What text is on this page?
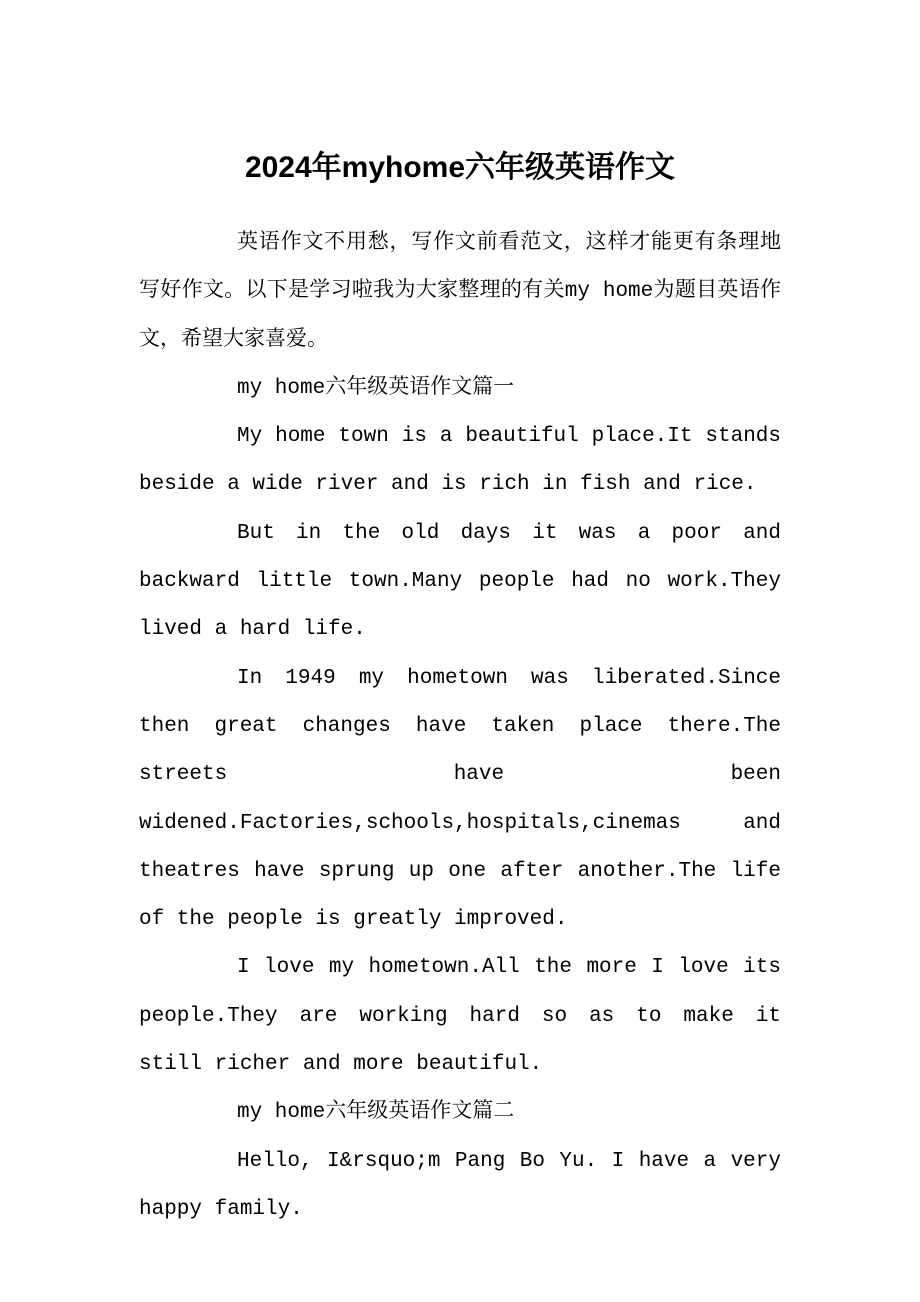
2024年myhome六年级英语作文

英语作文不用愁，写作文前看范文，这样才能更有条理地写好作文。以下是学习啦我为大家整理的有关my home为题目英语作文，希望大家喜爱。

my home六年级英语作文篇一

My home town is a beautiful place.It stands beside a wide river and is rich in fish and rice.

But in the old days it was a poor and backward little town.Many people had no work.They lived a hard life.

In 1949 my hometown was liberated.Since then great changes have taken place there.The streets have been widened.Factories,schools,hospitals,cinemas and theatres have sprung up one after another.The life of the people is greatly improved.

I love my hometown.All the more I love its people.They are working hard so as to make it still richer and more beautiful.

my home六年级英语作文篇二

Hello, I&rsquo;m Pang Bo Yu. I have a very happy family.
